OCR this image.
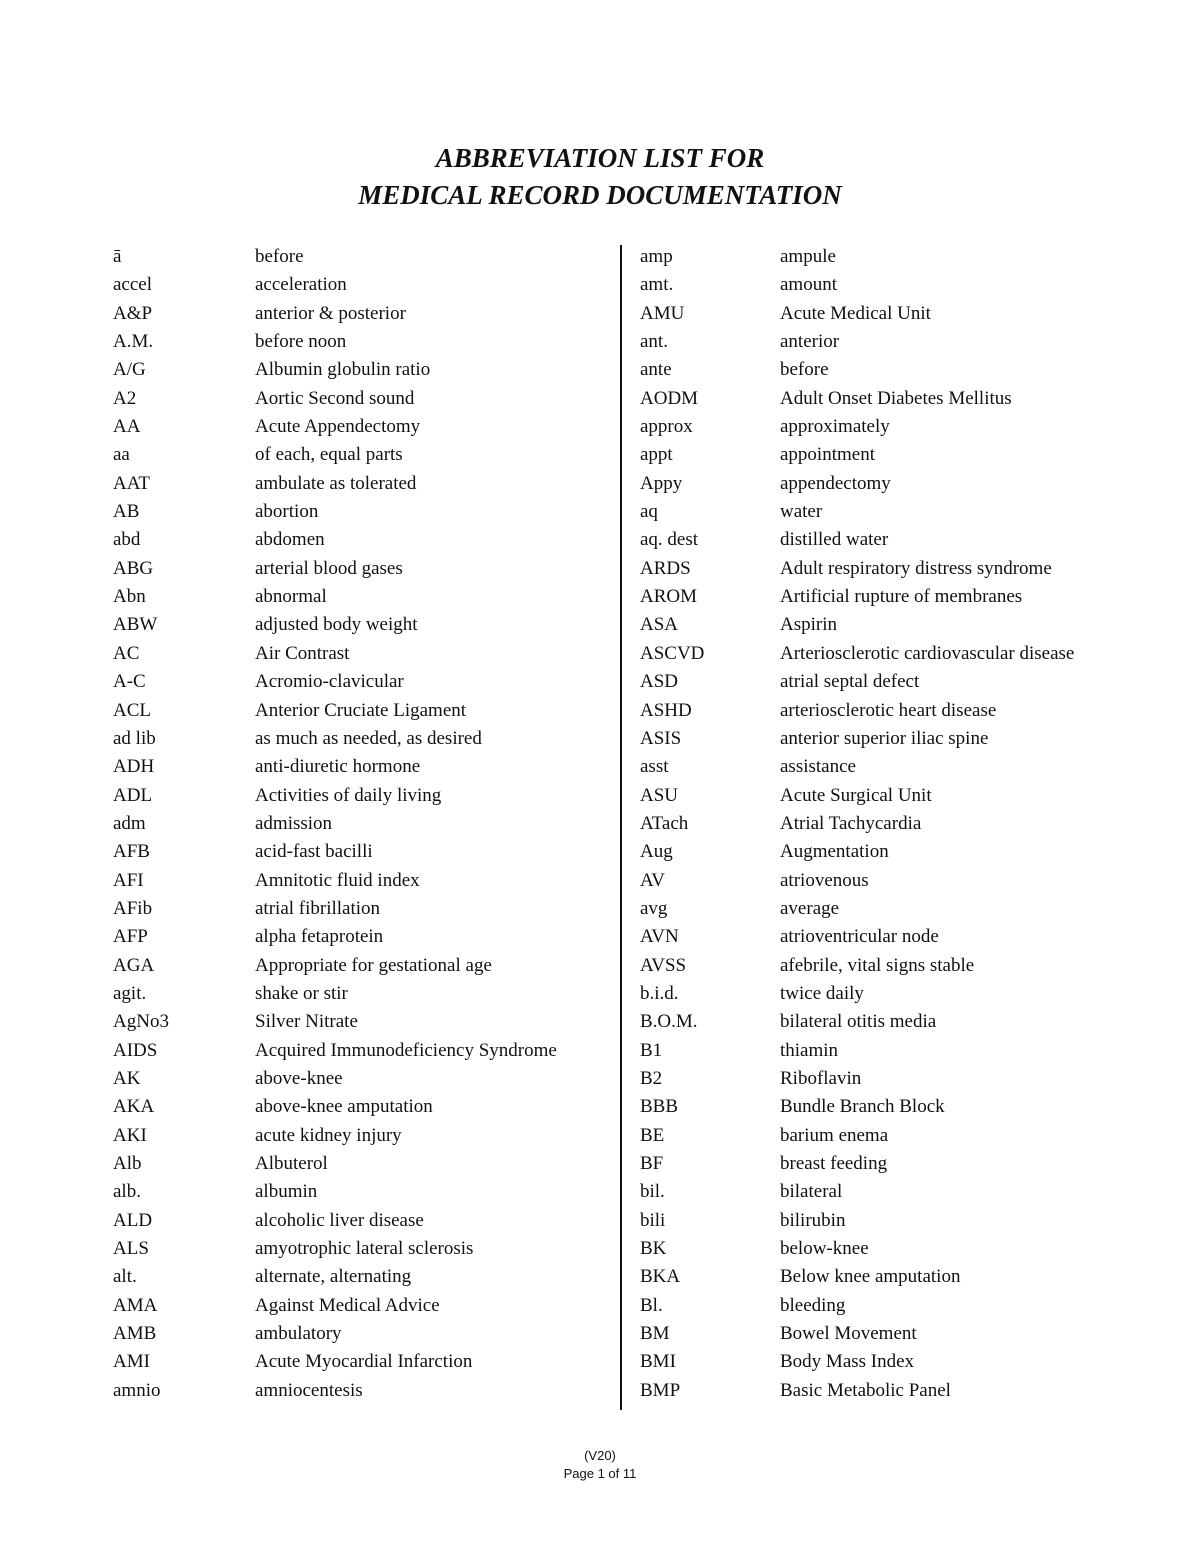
ABBREVIATION LIST FOR
MEDICAL RECORD DOCUMENTATION
ā	before
accel	acceleration
A&P	anterior & posterior
A.M.	before noon
A/G	Albumin globulin ratio
A2	Aortic Second sound
AA	Acute Appendectomy
aa	of each, equal parts
AAT	ambulate as tolerated
AB	abortion
abd	abdomen
ABG	arterial blood gases
Abn	abnormal
ABW	adjusted body weight
AC	Air Contrast
A-C	Acromio-clavicular
ACL	Anterior Cruciate Ligament
ad lib	as much as needed, as desired
ADH	anti-diuretic hormone
ADL	Activities of daily living
adm	admission
AFB	acid-fast bacilli
AFI	Amnitotic fluid index
AFib	atrial fibrillation
AFP	alpha fetaprotein
AGA	Appropriate for gestational age
agit.	shake or stir
AgNo3	Silver Nitrate
AIDS	Acquired Immunodeficiency Syndrome
AK	above-knee
AKA	above-knee amputation
AKI	acute kidney injury
Alb	Albuterol
alb.	albumin
ALD	alcoholic liver disease
ALS	amyotrophic lateral sclerosis
alt.	alternate, alternating
AMA	Against Medical Advice
AMB	ambulatory
AMI	Acute Myocardial Infarction
amnio	amniocentesis
amp	ampule
amt.	amount
AMU	Acute Medical Unit
ant.	anterior
ante	before
AODM	Adult Onset Diabetes Mellitus
approx	approximately
appt	appointment
Appy	appendectomy
aq	water
aq. dest	distilled water
ARDS	Adult respiratory distress syndrome
AROM	Artificial rupture of membranes
ASA	Aspirin
ASCVD	Arteriosclerotic cardiovascular disease
ASD	atrial septal defect
ASHD	arteriosclerotic heart disease
ASIS	anterior superior iliac spine
asst	assistance
ASU	Acute Surgical Unit
ATach	Atrial Tachycardia
Aug	Augmentation
AV	atriovenous
avg	average
AVN	atrioventricular node
AVSS	afebrile, vital signs stable
b.i.d.	twice daily
B.O.M.	bilateral otitis media
B1	thiamin
B2	Riboflavin
BBB	Bundle Branch Block
BE	barium enema
BF	breast feeding
bil.	bilateral
bili	bilirubin
BK	below-knee
BKA	Below knee amputation
Bl.	bleeding
BM	Bowel Movement
BMI	Body Mass Index
BMP	Basic Metabolic Panel
(V20)
Page 1 of 11
